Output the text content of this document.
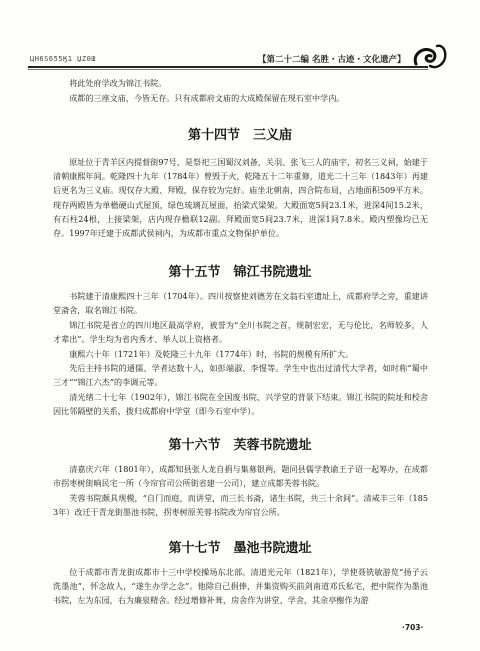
ЦН6Ѕ655Ӄ1 ЏZ0Ш	【第二十二编 名胜・古迹・文化遗产】

将此处府学改为锦江书院。

成都的三座文庙，今皆无存。只有成都府文庙的大成殿保留在现石室中学内。

第十四节　三义庙

原址位于青羊区内提督街97号，是祭祀三国蜀汉刘备、关羽、张飞三人的庙宇，初名三义祠，始建于清朝康熙年间。乾隆四十九年（1784年）曾毁于火，乾隆五十二年重修，道光二十三年（1843年）再建后更名为三义庙。现仅存大殿、拜殿，保存较为完好。庙坐北朝南，四合院布局，占地面积509平方米。现存两殿皆为单檐硬山式屋顶，绿色琉璃瓦屋面，抬梁式梁架。大殿面宽5间23.1米，进深4间15.2米，有石柱24根，上接梁架，店内现存檐联12副。拜殿面宽5间23.7米，进深1间7.8米。殿内塑像均已无存。1997年迁建于成都武侯祠内，为成都市重点文物保护单位。

第十五节　锦江书院遗址

书院建于清康熙四十三年（1704年）。四川按察使刘德芳在文翁石室遗址上，成都府学之旁，重建讲堂斋舍，取名锦江书院。

锦江书院是省立的四川地区最高学府，被誉为“全川书院之首，规制宏宏，无与伦比，名师较多，人才辈出”。学生均为省内秀才、举人以上资格者。

康熙六十年（1721年）及乾隆三十九年（1774年）时，书院的规模有所扩大。

先后主持书院的通儒、学者达数十人，如彭端淑、李惺等。学生中也出过清代大学者，如时称“蜀中三才”“锦江六杰”的李调元等。

清光绪二十七年（1902年），锦江书院在全国废书院、兴学堂的背景下结束。锦江书院的院址和校舍因比邻隔壁的关系，拨归成都府中学堂（即今石室中学）。

第十六节　芙蓉书院遗址

清嘉庆六年（1801年），成都知县张人龙自捐与集募银两，题同县儒学教谕王子诏一起筹办，在成都市拐枣树街晌民宅一所（今帘官司公所街省建一公司），建立成都芙蓉书院。

芙蓉书院颇具规模，“自门而庭，而讲堂，而三长书斋，诸生书院，共三十余间”。清咸丰三年（1853年）改迁于青龙街墨池书院，拐枣树原芙蓉书院改为帘官公所。

第十七节　墨池书院遗址

位于成都市青龙街成都市十三中学校操场东北部。清道光元年（1821年），学使聂铣敏游览“扬子云洗墨池”，怀念故人，“遂生办学之念”。他除自己捐俸，并集资购买前剑南道邓氏私宅，把中院作为墨池书院，左为东园，右为廉泉精舍。经过增修补葺，房舍作为讲堂、学舍，其余亭榭作为游

·703·
